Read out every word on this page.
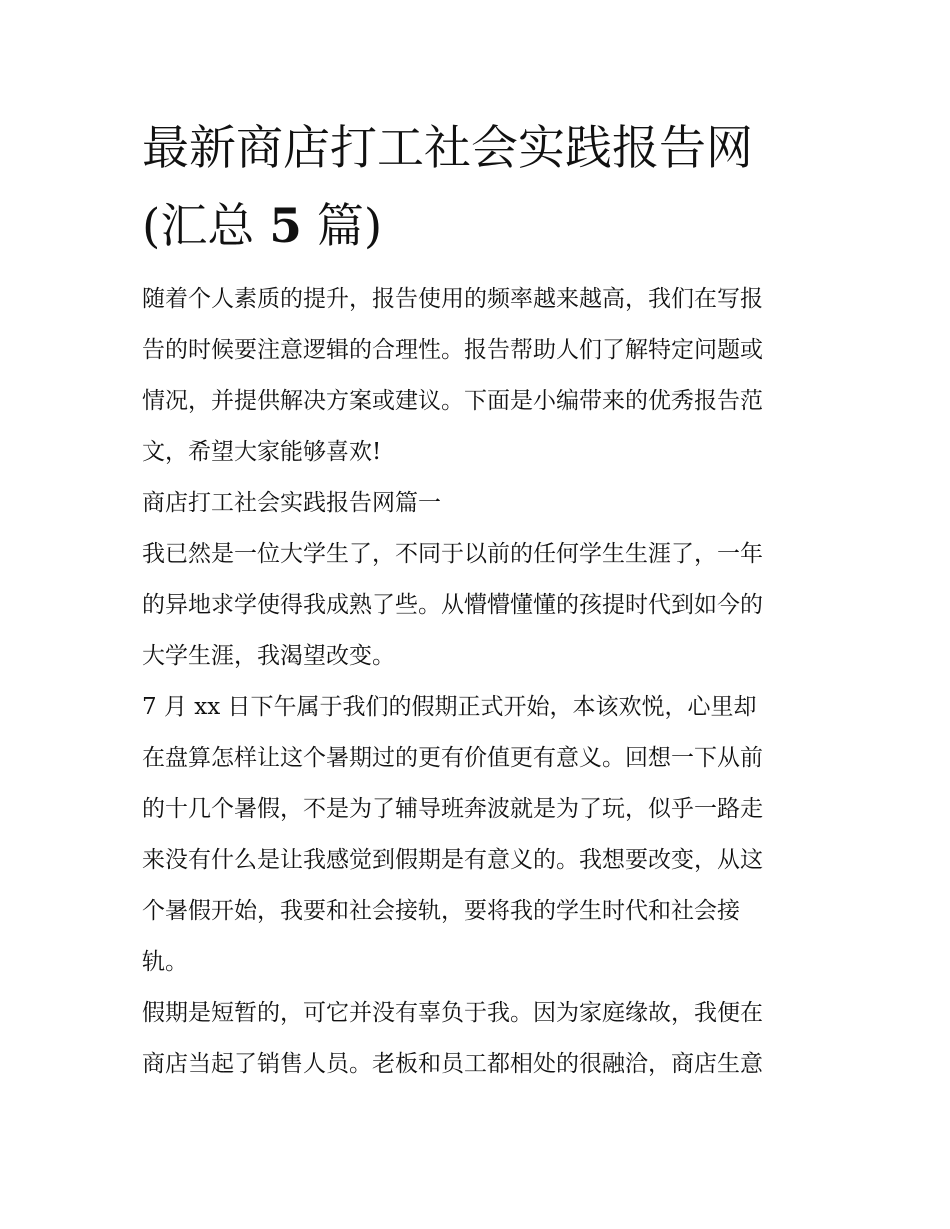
最新商店打工社会实践报告网
(汇总 5 篇)
随着个人素质的提升，报告使用的频率越来越高，我们在写报
告的时候要注意逻辑的合理性。报告帮助人们了解特定问题或
情况，并提供解决方案或建议。下面是小编带来的优秀报告范
文，希望大家能够喜欢!
商店打工社会实践报告网篇一
我已然是一位大学生了，不同于以前的任何学生生涯了，一年
的异地求学使得我成熟了些。从懵懵懂懂的孩提时代到如今的
大学生涯，我渴望改变。
7 月 xx 日下午属于我们的假期正式开始，本该欢悦，心里却
在盘算怎样让这个暑期过的更有价值更有意义。回想一下从前
的十几个暑假，不是为了辅导班奔波就是为了玩，似乎一路走
来没有什么是让我感觉到假期是有意义的。我想要改变，从这
个暑假开始，我要和社会接轨，要将我的学生时代和社会接
轨。
假期是短暂的，可它并没有辜负于我。因为家庭缘故，我便在
商店当起了销售人员。老板和员工都相处的很融洽，商店生意
